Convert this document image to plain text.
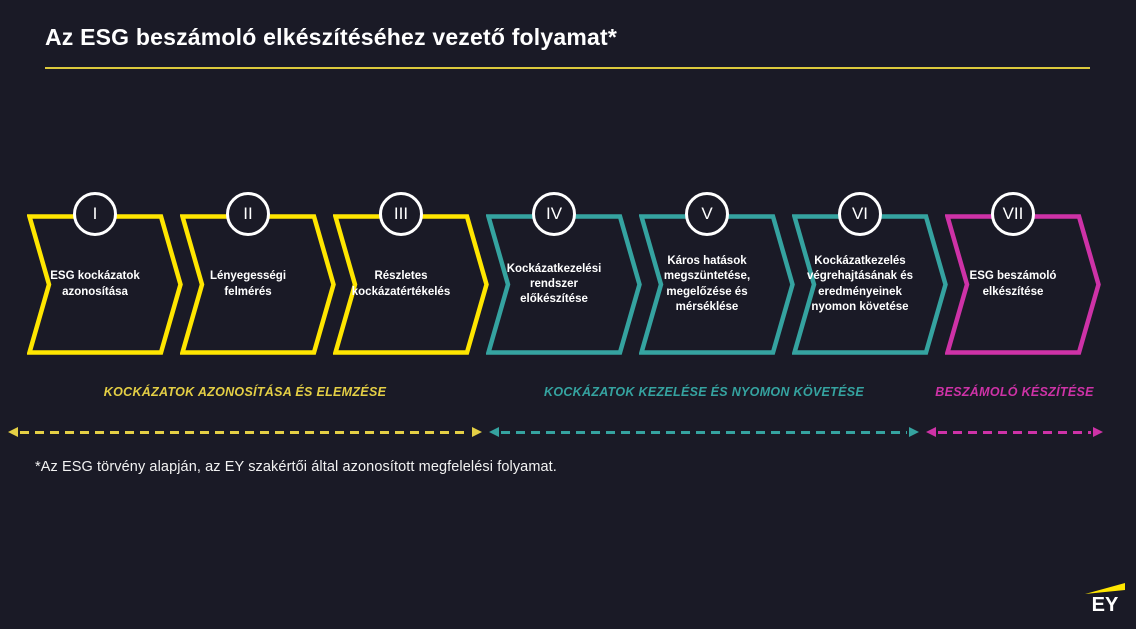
Az ESG beszámoló elkészítéséhez vezető folyamat*
I
ESG kockázatok azonosítása
II
Lényegességi felmérés
III
Részletes kockázatértékelés
IV
Kockázatkezelési rendszer előkészítése
V
Káros hatások megszüntetése, megelőzése és mérséklése
VI
Kockázatkezelés végrehajtásának és eredményeinek nyomon követése
VII
ESG beszámoló elkészítése
KOCKÁZATOK AZONOSÍTÁSA ÉS ELEMZÉSE	KOCKÁZATOK KEZELÉSE ÉS NYOMON KÖVETÉSE	BESZÁMOLÓ KÉSZÍTÉSE
*Az ESG törvény alapján, az EY szakértői által azonosított megfelelési folyamat.
EY
